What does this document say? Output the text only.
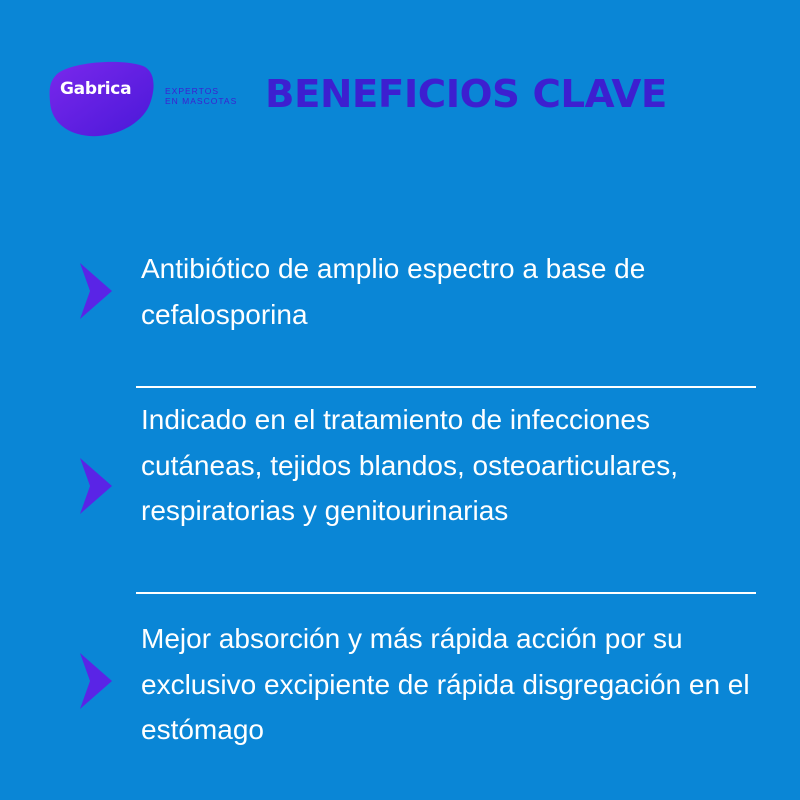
Gabrica	EXPERTOS
EN MASCOTAS BENEFICIOS CLAVE
Antibiótico de amplio espectro a base de cefalosporina
Indicado en el tratamiento de infecciones cutáneas, tejidos blandos, osteoarticulares, respiratorias y genitourinarias
Mejor absorción y más rápida acción por su exclusivo excipiente de rápida disgregación en el estómago
